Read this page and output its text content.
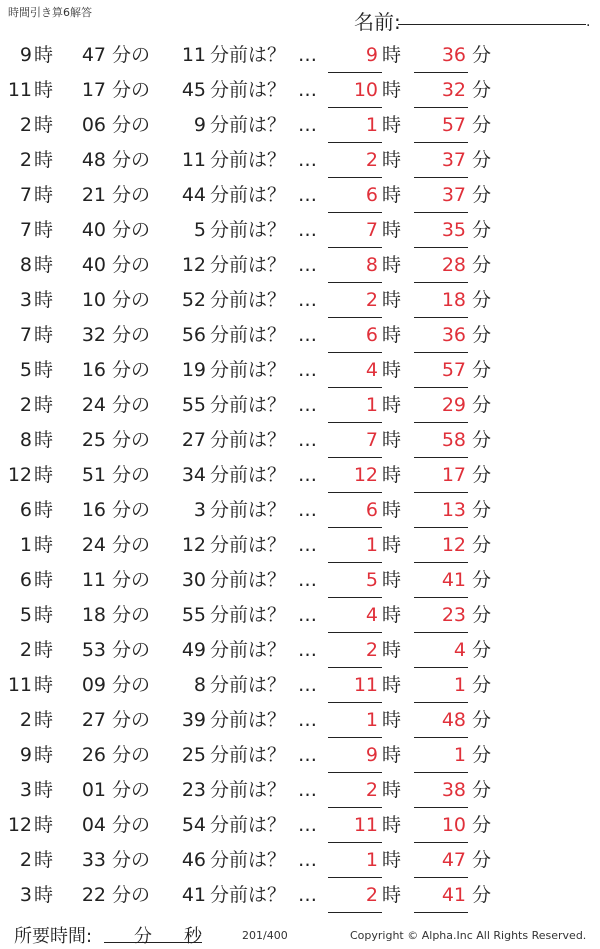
時間引き算6解答	名前:	.
9 時	47 分の	11 分前は？ …	9 時	36 分
11 時	17 分の	45 分前は？ …	10 時	32 分
2 時	06 分の	9 分前は？ …	1 時	57 分
2 時	48 分の	11 分前は？ …	2 時	37 分
7 時	21 分の	44 分前は？ …	6 時	37 分
7 時	40 分の	5 分前は？ …	7 時	35 分
8 時	40 分の	12 分前は？ …	8 時	28 分
3 時	10 分の	52 分前は？ …	2 時	18 分
7 時	32 分の	56 分前は？ …	6 時	36 分
5 時	16 分の	19 分前は？ …	4 時	57 分
2 時	24 分の	55 分前は？ …	1 時	29 分
8 時	25 分の	27 分前は？ …	7 時	58 分
12 時	51 分の	34 分前は？ …	12 時	17 分
6 時	16 分の	3 分前は？ …	6 時	13 分
1 時	24 分の	12 分前は？ …	1 時	12 分
6 時	11 分の	30 分前は？ …	5 時	41 分
5 時	18 分の	55 分前は？ …	4 時	23 分
2 時	53 分の	49 分前は？ …	2 時	4 分
11 時	09 分の	8 分前は？ …	11 時	1 分
2 時	27 分の	39 分前は？ …	1 時	48 分
9 時	26 分の	25 分前は？ …	9 時	1 分
3 時	01 分の	23 分前は？ …	2 時	38 分
12 時	04 分の	54 分前は？ …	11 時	10 分
2 時	33 分の	46 分前は？ …	1 時	47 分
3 時	22 分の	41 分前は？ …	2 時	41 分
所要時間: 分 秒	201/400	Copyright © Alpha.Inc All Rights Reserved.
